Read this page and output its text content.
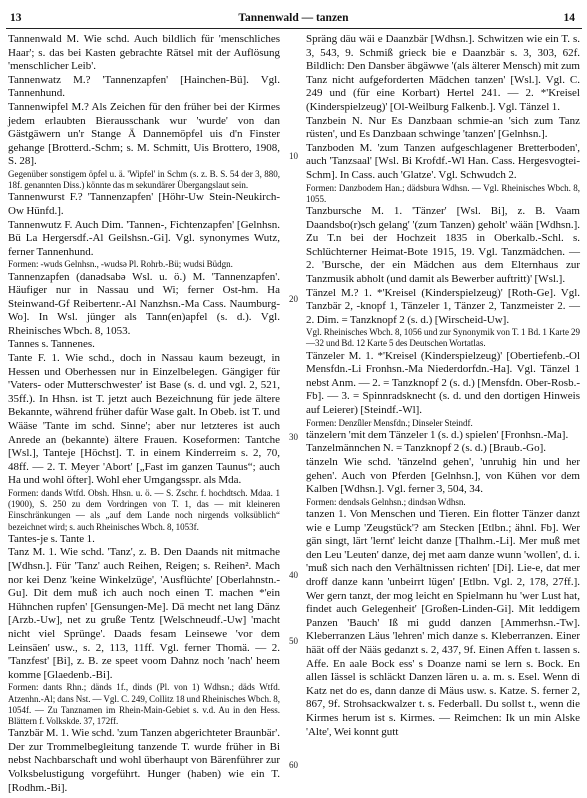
13	Tannenwald — tanzen	14

Tannenwald M. Wie schd. Auch bildlich für 'menschliches Haar'; s. das bei Kasten gebrachte Rätsel mit der Auflösung 'menschlicher Leib'.

Tannenwatz M.? 'Tannenzapfen' [Hainchen-Bü]. Vgl. Tannenhund.

Tannenwipfel M.? Als Zeichen für den früher bei der Kirmes jedem erlaubten Bierausschank wur 'wurde' von dan Gästgäwern un'r Stange Ä Dannemöpfel uis d'n Finster gehange [Brotterd.-Schm; s. M. Schmitt, Uis Brottero, 1908, S. 28].

Gegenüber sonstigem öpfel u. ä. 'Wipfel' in Schm (s. z. B. S. 54 der 3, 880, 18f. genannten Diss.) könnte das m sekundärer Übergangslaut sein.

Tannenwurst F.? 'Tannenzapfen' [Höhr-Uw Stein-Neukirch-Ow Hünfd.].

Tannenwutz F. Auch Dim. 'Tannen-, Fichtenzapfen' [Gelnhsn. Bü La Hergersdf.-Al Geilshsn.-Gi]. Vgl. synonymes Wutz, ferner Tannenhund.

Formen: -wuds Gelnhsn., -wudsə Pl. Rohrb.-Bü; wudsi Büdgn.

Tannenzapfen (danədsabə Wsl. u. ö.) M. 'Tannenzapfen'. Häufiger nur in Nassau und Wi; ferner Ost-hm. Ha Steinwand-Gf Reibertenr.-Al Nanzhsn.-Ma Cass. Naumburg-Wo]. In Wsl. jünger als Tann(en)apfel (s. d.). Vgl. Rheinisches Wbch. 8, 1053.

Tannes s. Tannenes.

Tante F. 1. Wie schd., doch in Nassau kaum bezeugt, in Hessen und Oberhessen nur in Einzelbelegen. Gängiger für 'Vaters- oder Mutterschwester' ist Base (s. d. und vgl. 2, 521, 35ff.). In Hhsn. ist T. jetzt auch Bezeichnung für jede ältere Bekannte, während früher dafür Wase galt. In Obeb. ist T. und Wääse 'Tante im schd. Sinne'; aber nur letzteres ist auch Anrede an (bekannte) ältere Frauen. Koseformen: Tantche [Wsl.], Tanteje [Höchst]. T. in einem Kinderreim s. 2, 70, 48ff. — 2. T. Meyer 'Abort' [„Fast im ganzen Taunus“; auch Ha und wohl öfter]. Wohl eher Umgangsspr. als Mda.

Formen: dands Wtfd. Obsh. Hhsn. u. ö. — S. Zschr. f. hochdtsch. Mdaa. 1 (1900), S. 250 zu dem Vordringen von T. 1, das — mit kleineren Einschränkungen — als „auf dem Lande noch nirgends volksüblich“ bezeichnet wird; s. auch Rheinisches Wbch. 8, 1053f.

Tantes-je s. Tante 1.

Tanz M. 1. Wie schd. 'Tanz', z. B. Den Daands nit mitmache [Wdhsn.]. Für 'Tanz' auch Reihen, Reigen; s. Reihen². Mach nor kei Denz 'keine Winkelzüge', 'Ausflüchte' [Oberlahnstn.-Gu]. Dit dem muß ich auch noch einen T. machen *'ein Hühnchen rupfen' [Gensungen-Me]. Dä mecht net lang Dänz [Arzb.-Uw], net zu gruße Tentz [Welschneudf.-Uw] 'macht nicht viel Sprünge'. Daads fesam Leinsewe 'vor dem Leinsäen' usw., s. 2, 113, 11ff. Vgl. ferner Thomä. — 2. 'Tanzfest' [Bi], z. B. ze speet voom Dahnz noch 'nach' heem komme [Glaedenb.-Bi].

Formen: dants Rhn.; dänds 1f., dinds (Pl. von 1) Wdhsn.; däds Wtfd. Atzenhn.-Al; dans Nst. — Vgl. C. 249, Collitz 18 und Rheinisches Wbch. 8, 1054f. — Zu Tanznamen im Rhein-Main-Gebiet s. v.d. Au in den Hess. Blättern f. Volkskde. 37, 172ff.

Tanzbär M. 1. Wie schd. 'zum Tanzen abgerichteter Braunbär'. Der zur Trommelbegleitung tanzende T. wurde früher in Bi nebst Nachbarschaft und wohl überhaupt von Bärenführer zur Volksbelustigung vorgeführt. Hunger (haben) wie ein T. [Rodhm.-Bi].

10
20
30
40
50
60

Spräng däu wäi e Daanzbär [Wdhsn.]. Schwitzen wie ein T. s. 3, 543, 9. Schmiß grieck bie e Daanzbär s. 3, 303, 62f. Bildlich: Den Dansber äbgäwwe '(als älterer Mensch) mit zum Tanz nicht aufgeforderten Mädchen tanzen' [Wsl.]. Vgl. C. 249 und (für eine Korbart) Hertel 241. — 2. *'Kreisel (Kinderspielzeug)' [Ol-Weilburg Falkenb.]. Vgl. Tänzel 1.

Tanzbein N. Nur Es Danzbaan schmie-an 'sich zum Tanz rüsten', und Es Danzbaan schwinge 'tanzen' [Gelnhsn.].

Tanzboden M. 'zum Tanzen aufgeschlagener Bretterboden', auch 'Tanzsaal' [Wsl. Bi Krofdf.-Wl Han. Cass. Hergesvogtei-Schm]. In Cass. auch 'Glatze'. Vgl. Schwudch 2.

Formen: Danzbodem Han.; dädsbura Wdhsn. — Vgl. Rheinisches Wbch. 8, 1055.

Tanzbursche M. 1. 'Tänzer' [Wsl. Bi], z. B. Vaam Daandsbo(r)sch gelang' '(zum Tanzen) geholt' wään [Wdhsn.]. Zu T.n bei der Hochzeit 1835 in Oberkalb.-Schl. s. Schlüchterner Heimat-Bote 1915, 19. Vgl. Tanzmädchen. — 2. 'Bursche, der ein Mädchen aus dem Elternhaus zur Tanzmusik abholt (und damit als Bewerber auftritt)' [Wsl.].

Tänzel M.? 1. *'Kreisel (Kinderspielzeug)' [Roth-Ge]. Vgl. Tanzbär 2, -knopf 1, Tänzeler 1, Tänzer 2, Tanzmeister 2. — 2. Dim. = Tanzknopf 2 (s. d.) [Wirscheid-Uw].

Vgl. Rheinisches Wbch. 8, 1056 und zur Synonymik von T. 1 Bd. 1 Karte 29—32 und Bd. 12 Karte 5 des Deutschen Wortatlas.

Tänzeler M. 1. *'Kreisel (Kinderspielzeug)' [Obertiefenb.-Ol Mensfdn.-Li Fronhsn.-Ma Niederdorfdn.-Ha]. Vgl. Tänzel 1 nebst Anm. — 2. = Tanzknopf 2 (s. d.) [Mensfdn. Ober-Rosb.-Fb]. — 3. = Spinnradsknecht (s. d. und den dortigen Hinweis auf Leierer) [Steindf.-Wl].

Formen: Denzǖler Mensfdn.; Dinseler Steindf.

tänzelern 'mit dem Tänzeler 1 (s. d.) spielen' [Fronhsn.-Ma].

Tanzelmännchen N. = Tanzknopf 2 (s. d.) [Braub.-Go].

tänzeln Wie schd. 'tänzelnd gehen', 'unruhig hin und her gehen'. Auch von Pferden [Gelnhsn.], von Kühen vor dem Kalben [Wdhsn.]. Vgl. ferner 3, 504, 34.

Formen: dendsəls Gelnhsn.; dindsən Wdhsn.

tanzen 1. Von Menschen und Tieren. Ein flotter Tänzer danzt wie e Lump 'Zeugstück'? am Stecken [Etlbn.; ähnl. Fb]. Wer gän singt, lärt 'lernt' leicht danze [Thalhm.-Li]. Mer muß met den Leu 'Leuten' danze, dej met aam danze wunn 'wollen', d. i. 'muß sich nach den Verhältnissen richten' [Di]. Lie-e, dat mer droff danze kann 'unbeirrt lügen' [Etlbn. Vgl. 2, 178, 27ff.]. Wer gern tanzt, der mog leicht en Spielmann hu 'wer Lust hat, findet auch Gelegenheit' [Großen-Linden-Gi]. Mit leddigem Panzen 'Bauch' Iß mi gudd danzen [Ammerhsn.-Tw]. Kleberranzen Läus 'lehren' mich danze s. Kleberranzen. Einer häät off der Nääs gedanzt s. 2, 437, 9f. Einen Affen t. lassen s. Affe. En aale Bock ess' s Doanze nami se lern s. Bock. En allen Iässel is schläckt Danzen lären u. a. m. s. Esel. Wenn di Katz net do es, dann danze di Mäus usw. s. Katze. S. ferner 2, 867, 9f. Strohsackwalzer t. s. Federball. Du sollst t., wenn die Kirmes herum ist s. Kirmes. — Reimchen: Ik un min Alske 'Alte', Wei konnt gutt
